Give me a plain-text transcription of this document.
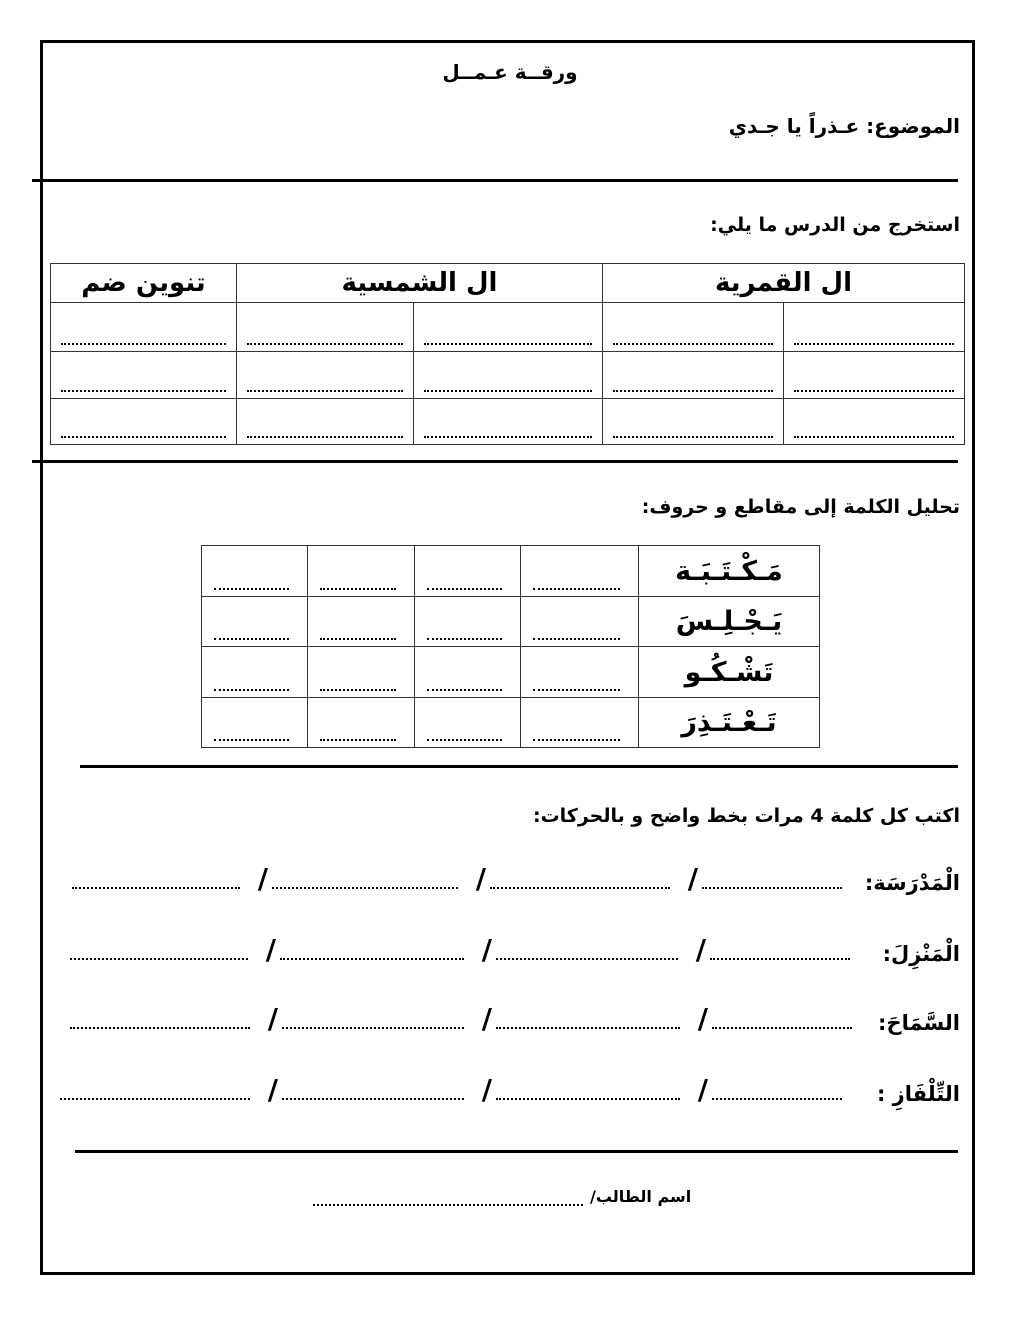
ورقــة عـمــل
الموضوع: عـذراً يا جـدي
استخرج من الدرس ما يلي:
تنوين ضم	ال الشمسية		ال القمرية	

تحليل الكلمة إلى مقاطع و حروف:

	مَـكْـتَـبَـة

	يَـجْـلِـسَ

	تَشْـكُـو

	تَـعْـتَـذِرَ
اكتب كل كلمة 4 مرات بخط واضح و بالحركات:
الْمَدْرَسَة:
/
/
/
الْمَنْزِلَ:
/
/
/
السَّمَاحَ:
/
/
/
التِّلْفَازِ :
/
/
/
اسم الطالب/
